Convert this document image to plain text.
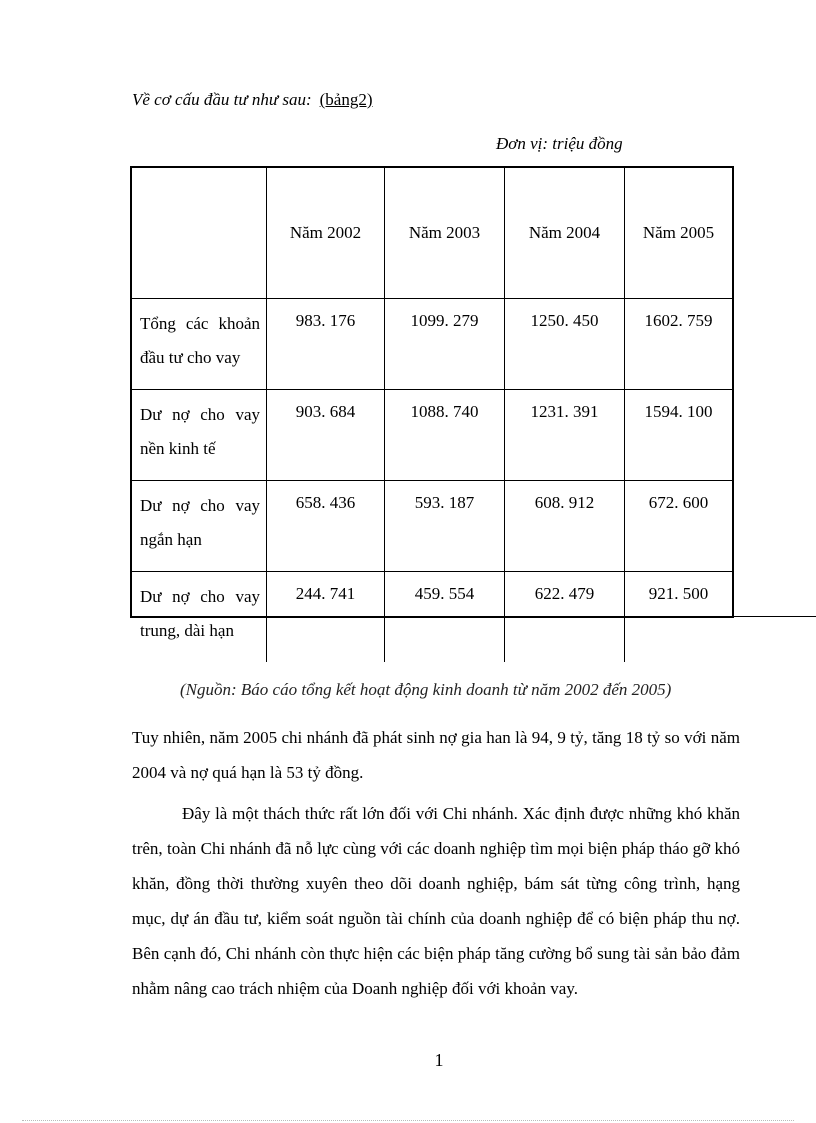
Về cơ cấu đầu tư như sau: (bảng2)
Đơn vị: triệu đồng
	Năm 2002	Năm 2003	Năm 2004	Năm 2005
Tổng các khoản đầu tư cho vay	983. 176	1099. 279	1250. 450	1602. 759
Dư nợ cho vay nền kinh tế	903. 684	1088. 740	1231. 391	1594. 100
Dư nợ cho vay ngắn hạn	658. 436	593. 187	608. 912	672. 600
Dư nợ cho vay trung, dài hạn	244. 741	459. 554	622. 479	921. 500
(Nguồn: Báo cáo tổng kết hoạt động kinh doanh từ năm 2002 đến 2005)

Tuy nhiên, năm 2005 chi nhánh đã phát sinh nợ gia han là 94, 9 tỷ, tăng 18 tỷ so với năm 2004 và nợ quá hạn là 53 tỷ đồng.

Đây là một thách thức rất lớn đối với Chi nhánh. Xác định được những khó khăn trên, toàn Chi nhánh đã nỗ lực cùng với các doanh nghiệp tìm mọi biện pháp tháo gỡ khó khăn, đồng thời thường xuyên theo dõi doanh nghiệp, bám sát từng công trình, hạng mục, dự án đầu tư, kiểm soát nguồn tài chính của doanh nghiệp để có biện pháp thu nợ. Bên cạnh đó, Chi nhánh còn thực hiện các biện pháp tăng cường bổ sung tài sản bảo đảm nhằm nâng cao trách nhiệm của Doanh nghiệp đối với khoản vay.

1
